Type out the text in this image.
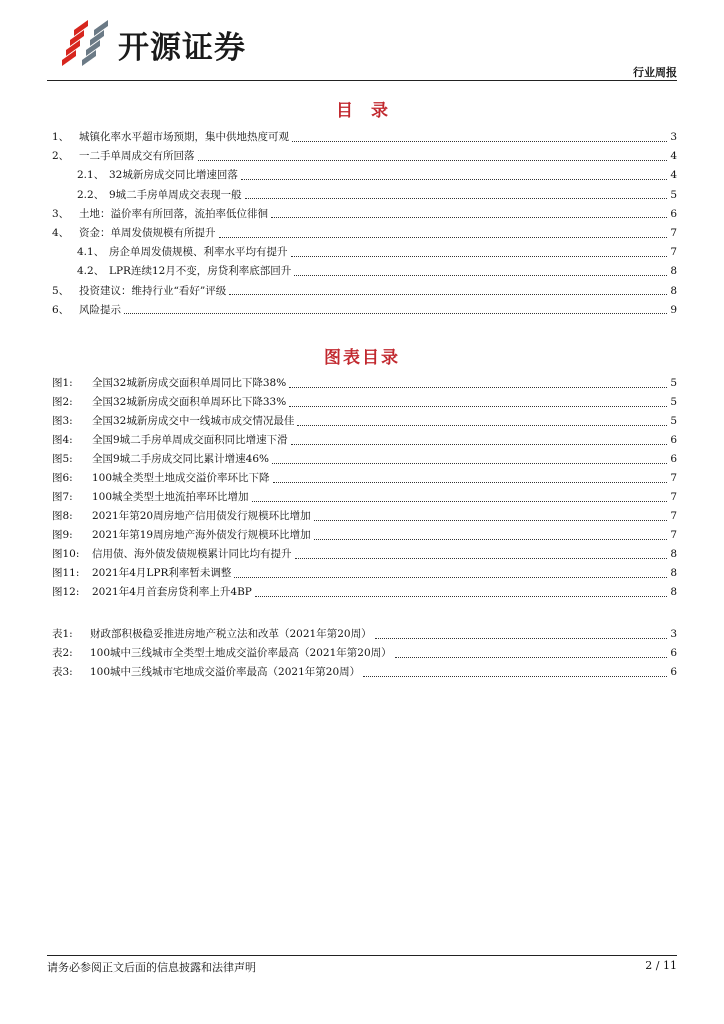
开源证券
行业周报
目录
1、 城镇化率水平超市场预期，集中供地热度可观	3
2、 一二手单周成交有所回落	4
2.1、 32城新房成交同比增速回落	4
2.2、 9城二手房单周成交表现一般	5
3、 土地：溢价率有所回落，流拍率低位徘徊	6
4、 资金：单周发债规模有所提升	7
4.1、 房企单周发债规模、利率水平均有提升	7
4.2、 LPR连续12月不变，房贷利率底部回升	8
5、 投资建议：维持行业“看好”评级	8
6、 风险提示	9
图表目录
图1:	全国32城新房成交面积单周同比下降38%	5
图2:	全国32城新房成交面积单周环比下降33%	5
图3:	全国32城新房成交中一线城市成交情况最佳	5
图4:	全国9城二手房单周成交面积同比增速下滑	6
图5:	全国9城二手房成交同比累计增速46%	6
图6:	100城全类型土地成交溢价率环比下降	7
图7:	100城全类型土地流拍率环比增加	7
图8:	2021年第20周房地产信用债发行规模环比增加	7
图9:	2021年第19周房地产海外债发行规模环比增加	7
图10:	信用债、海外债发债规模累计同比均有提升	8
图11:	2021年4月LPR利率暂未调整	8
图12:	2021年4月首套房贷利率上升4BP	8
表1:	财政部积极稳妥推进房地产税立法和改革（2021年第20周）	3
表2:	100城中三线城市全类型土地成交溢价率最高（2021年第20周）	6
表3:	100城中三线城市宅地成交溢价率最高（2021年第20周）	6
请务必参阅正文后面的信息披露和法律声明	2 / 11
